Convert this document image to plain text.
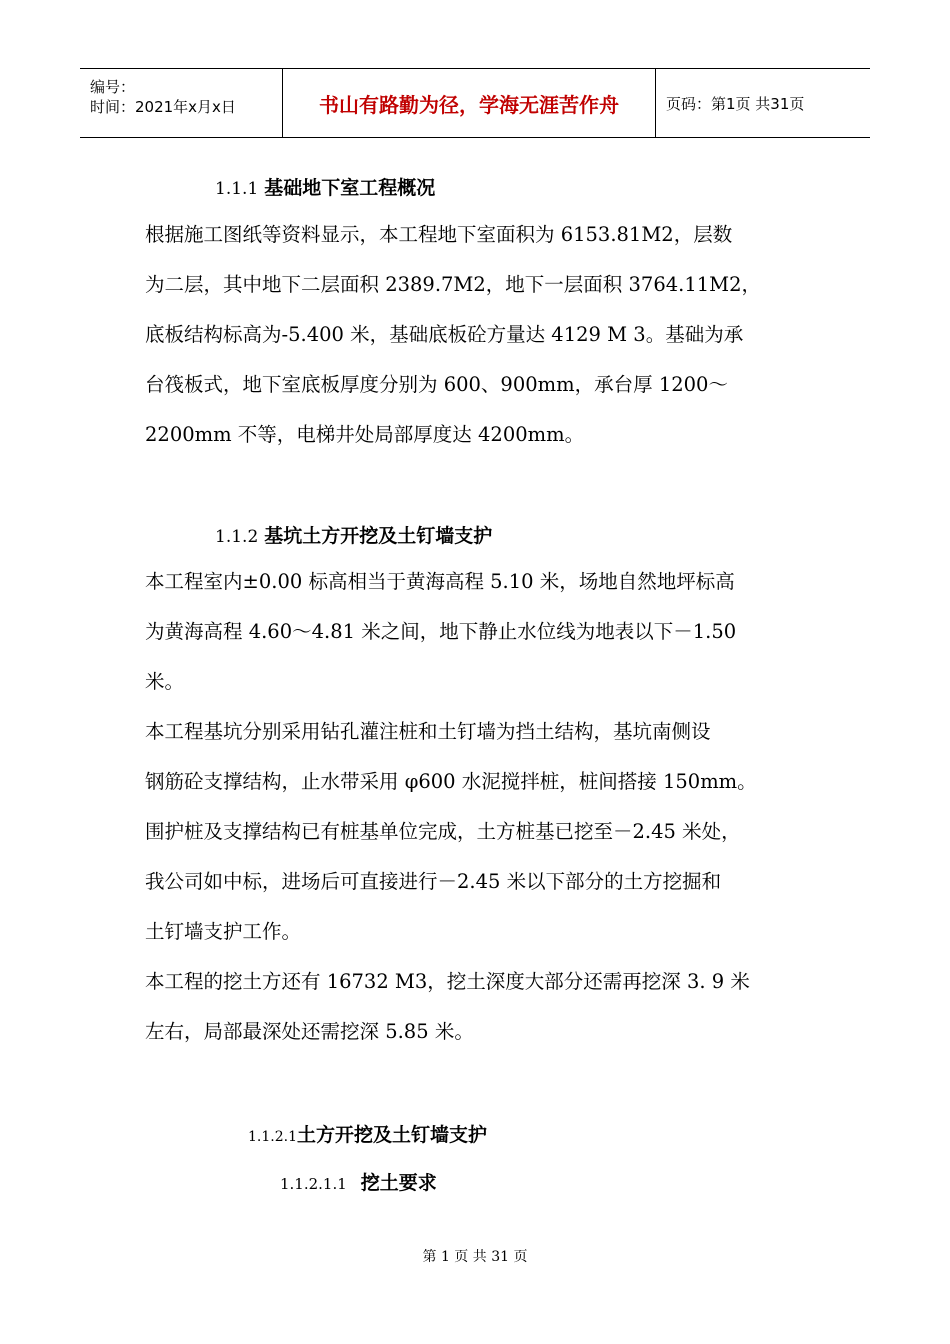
编号：
时间：2021年x月x日	书山有路勤为径，学海无涯苦作舟	页码：第1页 共31页
1.1.1 基础地下室工程概况
根据施工图纸等资料显示，本工程地下室面积为 6153.81M2，层数
为二层，其中地下二层面积 2389.7M2，地下一层面积 3764.11M2，
底板结构标高为-5.400 米，基础底板砼方量达 4129 M 3。基础为承
台筏板式，地下室底板厚度分别为 600、900mm，承台厚 1200～
2200mm 不等，电梯井处局部厚度达 4200mm。
1.1.2 基坑土方开挖及土钉墙支护
本工程室内±0.00 标高相当于黄海高程 5.10 米，场地自然地坪标高
为黄海高程 4.60～4.81 米之间，地下静止水位线为地表以下－1.50
米。
本工程基坑分别采用钻孔灌注桩和土钉墙为挡土结构，基坑南侧设
钢筋砼支撑结构，止水带采用 φ600 水泥搅拌桩，桩间搭接 150mm。
围护桩及支撑结构已有桩基单位完成，土方桩基已挖至－2.45 米处，
我公司如中标，进场后可直接进行－2.45 米以下部分的土方挖掘和
土钉墙支护工作。
本工程的挖土方还有 16732 M3，挖土深度大部分还需再挖深 3. 9 米
左右，局部最深处还需挖深 5.85 米。
1.1.2.1土方开挖及土钉墙支护
1.1.2.1.1 挖土要求
第 1 页 共 31 页
